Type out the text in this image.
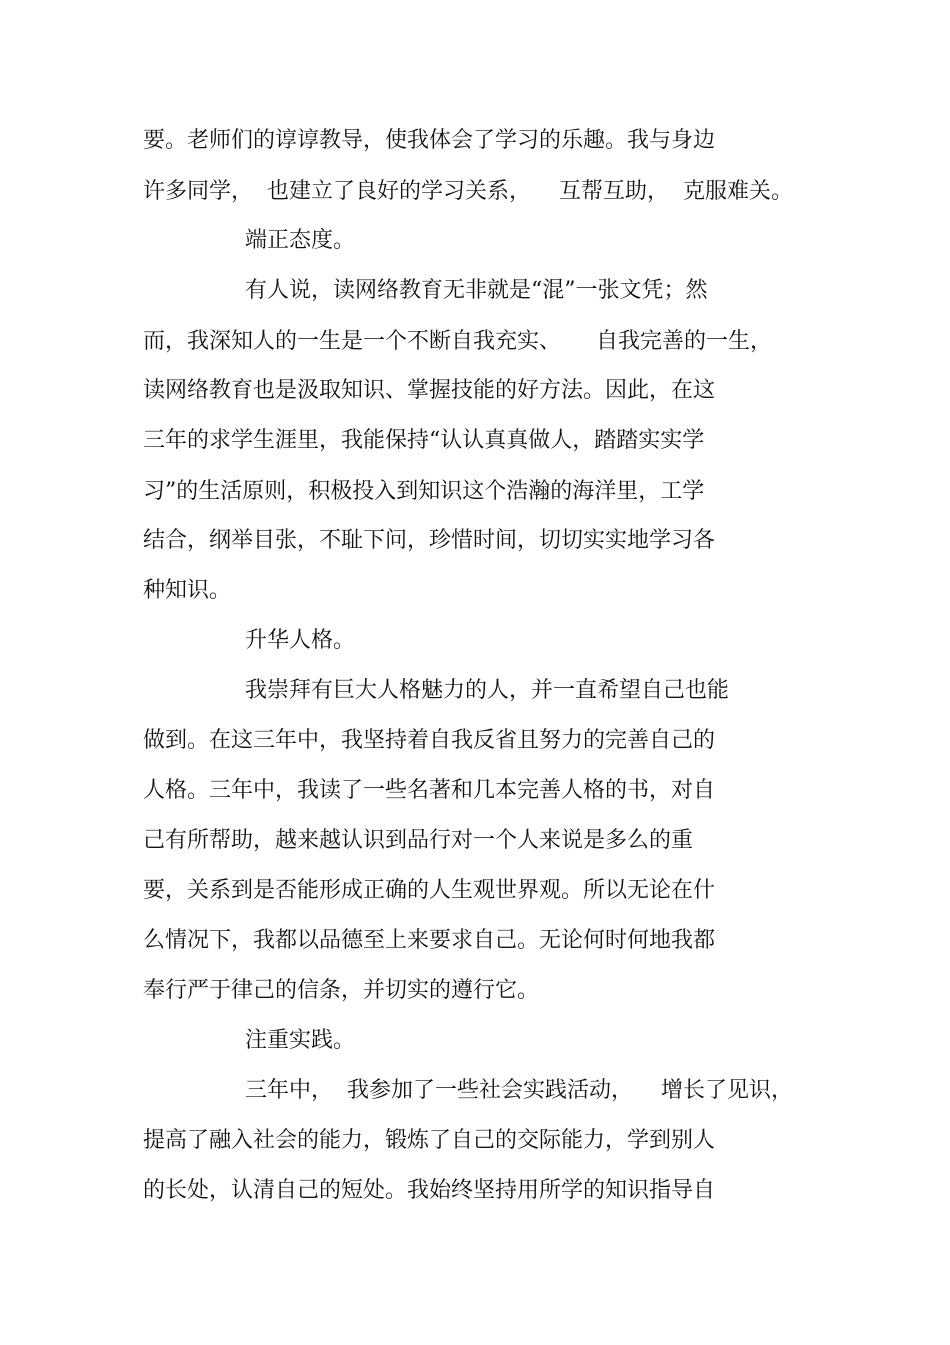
要。老师们的谆谆教导，使我体会了学习的乐趣。我与身边
许多同学，  也建立了良好的学习关系，    互帮互助，  克服难关。
端正态度。
有人说，读网络教育无非就是“混”一张文凭；然
而，我深知人的一生是一个不断自我充实、     自我完善的一生，
读网络教育也是汲取知识、掌握技能的好方法。因此，在这
三年的求学生涯里，我能保持“认认真真做人，踏踏实实学
习”的生活原则，积极投入到知识这个浩瀚的海洋里，工学
结合，纲举目张，不耻下问，珍惜时间，切切实实地学习各
种知识。
升华人格。
我崇拜有巨大人格魅力的人，并一直希望自己也能
做到。在这三年中，我坚持着自我反省且努力的完善自己的
人格。三年中，我读了一些名著和几本完善人格的书，对自
己有所帮助，越来越认识到品行对一个人来说是多么的重
要，关系到是否能形成正确的人生观世界观。所以无论在什
么情况下，我都以品德至上来要求自己。无论何时何地我都
奉行严于律己的信条，并切实的遵行它。
注重实践。
三年中，  我参加了一些社会实践活动，    增长了见识，
提高了融入社会的能力，锻炼了自己的交际能力，学到别人
的长处，认清自己的短处。我始终坚持用所学的知识指导自
